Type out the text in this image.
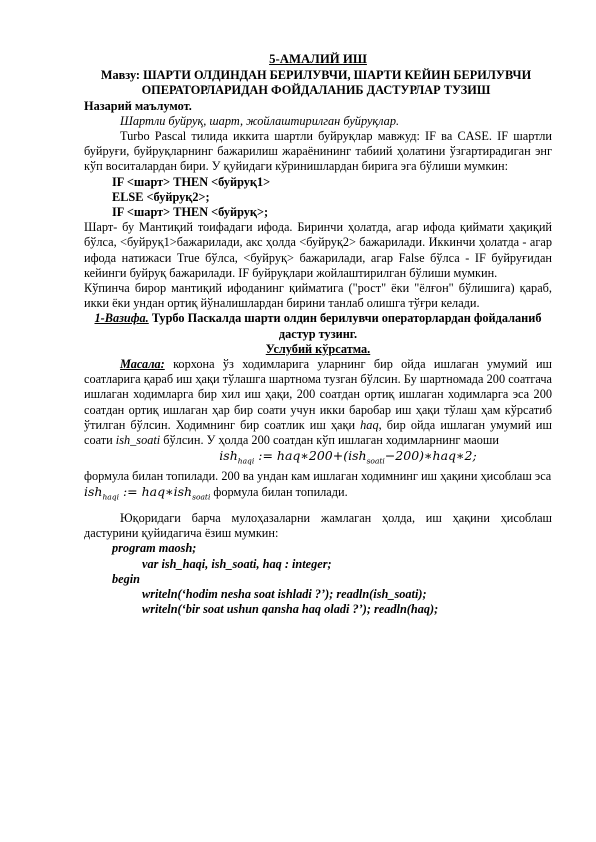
5-АМАЛИЙ ИШ
Мавзу: ШАРТИ ОЛДИНДАН БЕРИЛУВЧИ, ШАРТИ КЕЙИН БЕРИЛУВЧИ ОПЕРАТОРЛАРИДАН ФОЙДАЛАНИБ ДАСТУРЛАР ТУЗИШ
Назарий маълумот.
Шартли буйруқ, шарт, жойлаштирилган буйруқлар.
Turbo Pascal тилида иккита шартли буйруқлар мавжуд: IF ва CASE. IF шартли буйруғи, буйруқларнинг бажарилиш жараёнининг табиий ҳолатини ўзгартирадиган энг кўп воситалардан бири. У қуйидаги кўринишлардан бирига эга бўлиши мумкин:
IF <шарт> THEN <буйруқ1>
ELSE <буйруқ2>;
IF <шарт> THEN <буйруқ>;
Шарт- бу Мантиқий тоифадаги ифода. Биринчи ҳолатда, агар ифода қиймати ҳақиқий бўлса, <буйруқ1>бажарилади, акс ҳолда <буйруқ2> бажарилади. Иккинчи ҳолатда - агар ифода натижаси True бўлса, <буйруқ> бажарилади, агар False бўлса - IF буйруғидан кейинги буйруқ бажарилади. IF буйруқлари жойлаштирилган бўлиши мумкин.
Кўпинча бирор мантиқий ифоданинг қийматига ("рост" ёки "ёлғон" бўлишига) қараб, икки ёки ундан ортиқ йўналишлардан бирини танлаб олишга тўғри келади.
1-Вазифа. Турбо Паскалда шарти олдин берилувчи операторлардан фойдаланиб дастур тузинг.
Услубий кўрсатма.
Масала: корхона ўз ходимларига уларнинг бир ойда ишлаган умумий иш соатларига қараб иш ҳақи тўлашга шартнома тузган бўлсин. Бу шартномада 200 соатгача ишлаган ходимларга бир хил иш ҳақи, 200 соатдан ортиқ ишлаган ходимларга эса 200 соатдан ортиқ ишлаган ҳар бир соати учун икки баробар иш ҳақи тўлаш ҳам кўрсатиб ўтилган бўлсин. Ходимнинг бир соатлик иш ҳақи haq, бир ойда ишлаган умумий иш соати ish_soati бўлсин. У ҳолда 200 соатдан кўп ишлаган ходимларнинг маоши
ish$_{haqi}$ := haq∗200+(ish$_{soati}$−200)∗haq∗2;
формула билан топилади. 200 ва ундан кам ишлаган ходимнинг иш ҳақини ҳисоблаш эса
ish$_{haqi}$ := haq∗ish$_{soati}$ формула билан топилади.
Юқоридаги барча мулоҳазаларни жамлаган ҳолда, иш ҳақини ҳисоблаш дастурини қуйидагича ёзиш мумкин:
program maosh;
var ish_haqi, ish_soati, haq : integer;
begin
writeln(‘hodim nesha soat ishladi ?’); readln(ish_soati);
writeln(‘bir soat ushun qansha haq oladi ?’); readln(haq);
